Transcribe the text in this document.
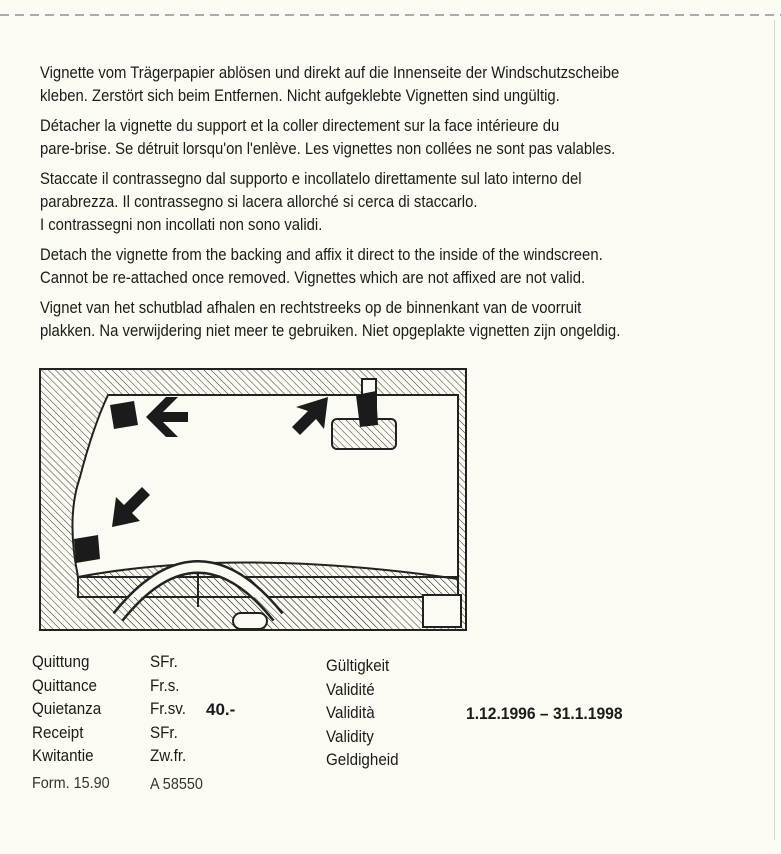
Vignette vom Trägerpapier ablösen und direkt auf die Innenseite der Windschutzscheibe
kleben. Zerstört sich beim Entfernen. Nicht aufgeklebte Vignetten sind ungültig.

Détacher la vignette du support et la coller directement sur la face intérieure du
pare-brise. Se détruit lorsqu'on l'enlève. Les vignettes non collées ne sont pas valables.

Staccate il contrassegno dal supporto e incollatelo direttamente sul lato interno del
parabrezza. Il contrassegno si lacera allorché si cerca di staccarlo.
I contrassegni non incollati non sono validi.

Detach the vignette from the backing and affix it direct to the inside of the windscreen.
Cannot be re-attached once removed. Vignettes which are not affixed are not valid.

Vignet van het schutblad afhalen en rechtstreeks op de binnenkant van de voorruit
plakken. Na verwijdering niet meer te gebruiken. Niet opgeplakte vignetten zijn ongeldig.

Quittung
Quittance
Quietanza
Receipt
Kwitantie
SFr.
Fr.s.
Fr.sv.
SFr.
Zw.fr.
40.-
Gültigkeit
Validité
Validità
Validity
Geldigheid
1.12.1996 – 31.1.1998
Form. 15.90	A 58550
